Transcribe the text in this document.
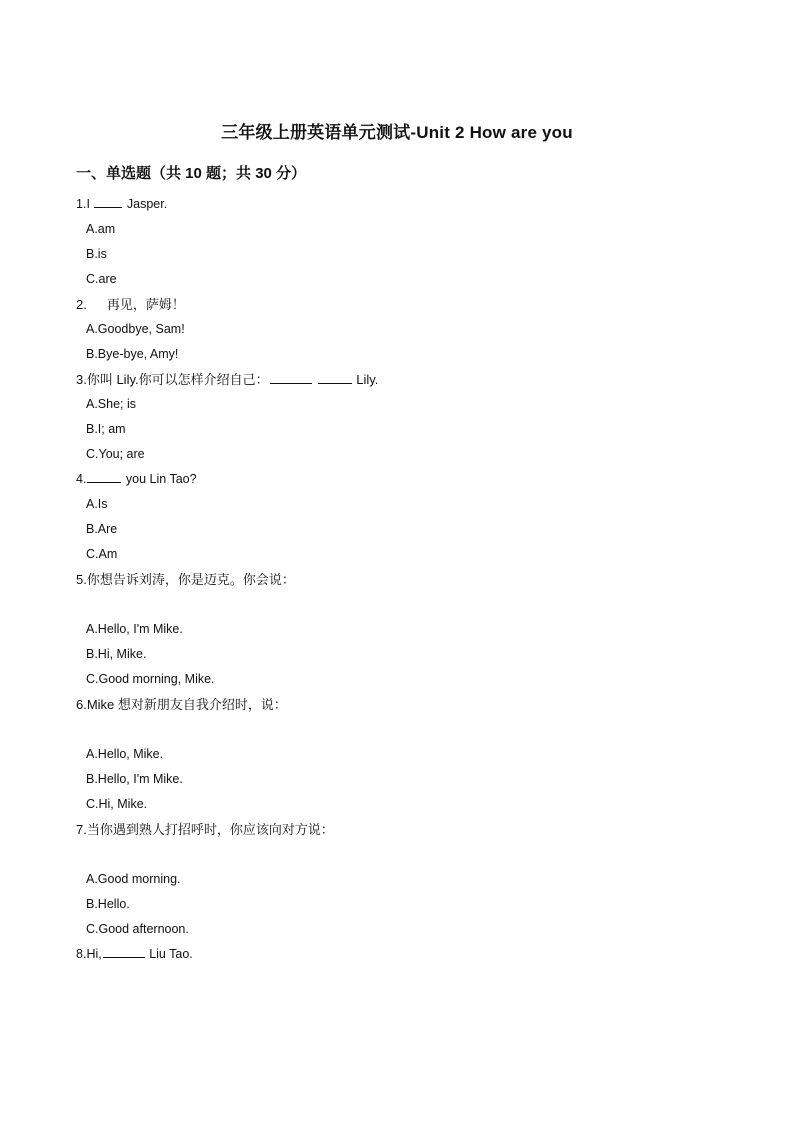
三年级上册英语单元测试-Unit 2 How are you
一、单选题（共 10 题；共 30 分）
1.I  Jasper.
A.am
B.is
C.are
2. 再见，萨姆！
A.Goodbye, Sam!
B.Bye-bye, Amy!
3.你叫 Lily.你可以怎样介绍自己：	Lily.
A.She; is
B.I; am
C.You; are
4.	you Lin Tao?
A.Is
B.Are
C.Am
5.你想告诉刘涛，你是迈克。你会说：
A.Hello, I'm Mike.
B.Hi, Mike.
C.Good morning, Mike.
6.Mike 想对新朋友自我介绍时，说：
A.Hello, Mike.
B.Hello, I'm Mike.
C.Hi, Mike.
7.当你遇到熟人打招呼时，你应该向对方说：
A.Good morning.
B.Hello.
C.Good afternoon.
8.Hi,	Liu Tao.
